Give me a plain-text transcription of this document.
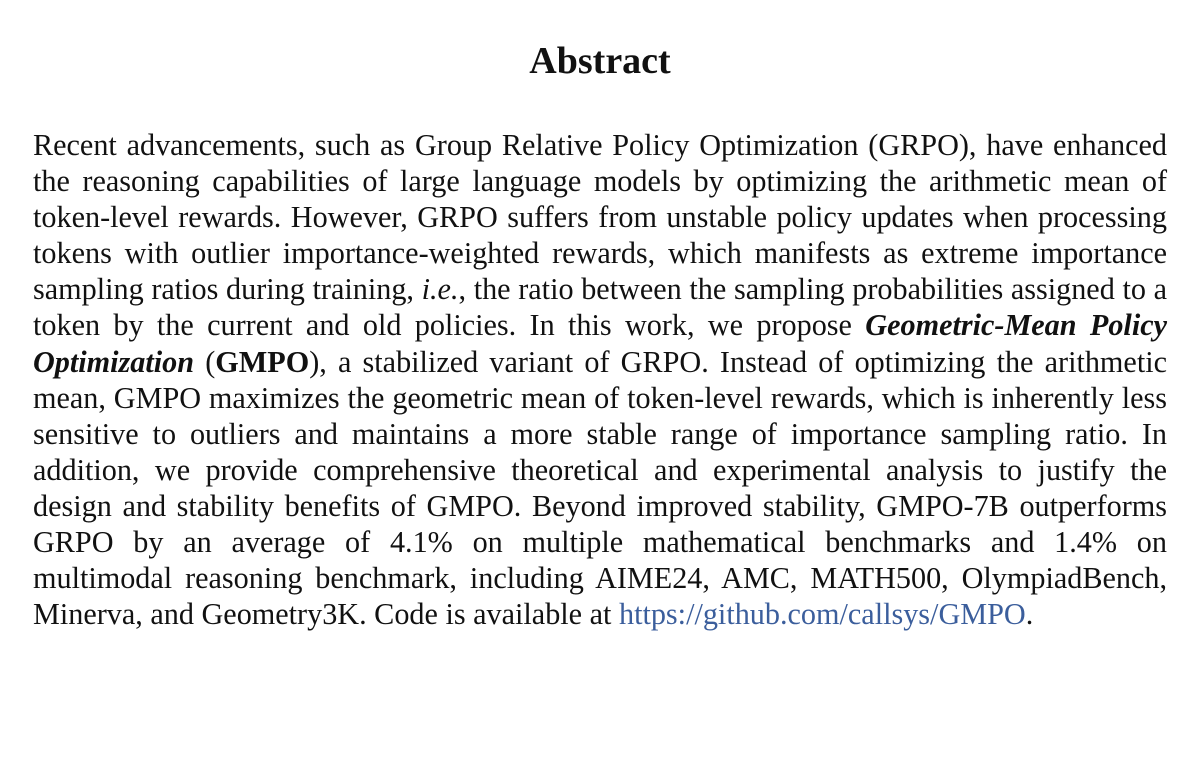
Abstract

Recent advancements, such as Group Relative Policy Optimization (GRPO), have enhanced the reasoning capabilities of large language models by optimizing the arithmetic mean of token-level rewards. However, GRPO suffers from unstable policy updates when processing tokens with outlier importance-weighted rewards, which manifests as extreme importance sampling ratios during training, i.e., the ratio between the sampling probabilities assigned to a token by the current and old policies. In this work, we propose Geometric-Mean Policy Optimization (GMPO), a stabilized variant of GRPO. Instead of optimizing the arithmetic mean, GMPO maximizes the geometric mean of token-level rewards, which is inherently less sensitive to outliers and maintains a more stable range of importance sampling ratio. In addition, we provide comprehensive theoretical and experimental analysis to justify the design and stability benefits of GMPO. Beyond improved stability, GMPO-7B outperforms GRPO by an average of 4.1% on multiple mathematical benchmarks and 1.4% on multimodal reasoning benchmark, including AIME24, AMC, MATH500, OlympiadBench, Minerva, and Geometry3K. Code is available at https://github.com/callsys/GMPO.
